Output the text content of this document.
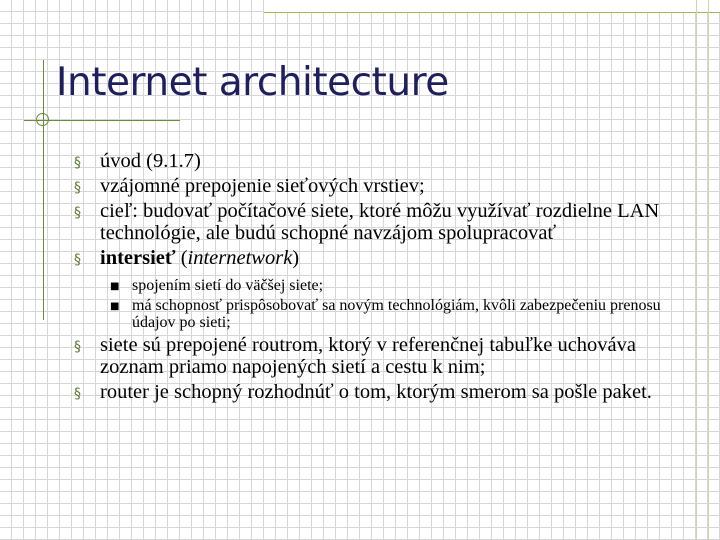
Internet architecture
§ úvod (9.1.7)
§ vzájomné prepojenie sieťových vrstiev;
§ cieľ: budovať počítačové siete, ktoré môžu využívať rozdielne LAN technológie, ale budú schopné navzájom spolupracovať
§ intersieť (internetwork)
■ spojením sietí do väčšej siete;
■ má schopnosť prispôsobovať sa novým technológiám, kvôli zabezpečeniu prenosu údajov po sieti;
§ siete sú prepojené routrom, ktorý v referenčnej tabuľke uchováva zoznam priamo napojených sietí a cestu k nim;
§ router je schopný rozhodnúť o tom, ktorým smerom sa pošle paket.
